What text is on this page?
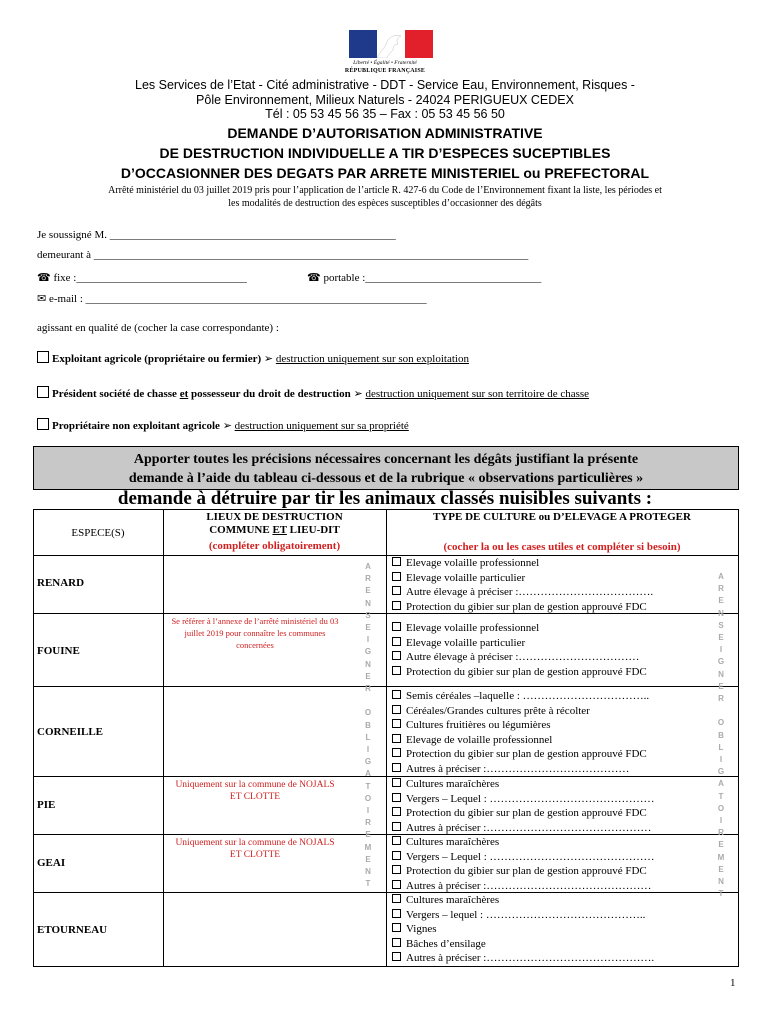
Liberté • Égalité • Fraternité
RÉPUBLIQUE FRANÇAISE
Les Services de l’Etat - Cité administrative - DDT - Service Eau, Environnement, Risques -
Pôle Environnement, Milieux Naturels - 24024 PERIGUEUX CEDEX
Tél : 05 53 45 56 35 – Fax : 05 53 45 56 50
DEMANDE D’AUTORISATION ADMINISTRATIVE
DE DESTRUCTION INDIVIDUELLE A TIR D’ESPECES SUCEPTIBLES
D’OCCASIONNER DES DEGATS PAR ARRETE MINISTERIEL ou PREFECTORAL
Arrêté ministériel du 03 juillet 2019 pris pour l’application de l’article R. 427-6 du Code de l’Environnement fixant la liste, les périodes et
les modalités de destruction des espèces susceptibles d’occasionner des dégâts
Je soussigné M. ____________________________________________________
demeurant à _______________________________________________________________________________
☎ fixe :_______________________________	☎ portable :________________________________
✉ e-mail : ______________________________________________________________
agissant en qualité de (cocher la case correspondante) :
Exploitant agricole (propriétaire ou fermier) ➢ destruction uniquement sur son exploitation
Président société de chasse et possesseur du droit de destruction ➢ destruction uniquement sur son territoire de chasse
Propriétaire non exploitant agricole ➢ destruction uniquement sur sa propriété
Apporter toutes les précisions nécessaires concernant les dégâts justifiant la présente
demande à l’aide du tableau ci-dessous et de la rubrique « observations particulières »
demande à détruire par tir les animaux classés nuisibles suivants :
ESPECE(S)
LIEUX DE DESTRUCTION
COMMUNE ET LIEU-DIT
(compléter obligatoirement)
TYPE DE CULTURE ou D’ELEVAGE A PROTEGER
(cocher la ou les cases utiles et compléter si besoin)
RENARD
FOUINE
CORNEILLE
PIE
GEAI
ETOURNEAU
Se référer à l’annexe de l’arrêté ministériel du 03 juillet 2019 pour connaître les communes concernées
Uniquement sur la commune de NOJALS ET CLOTTE
Uniquement sur la commune de NOJALS ET CLOTTE
A
R
E
N
S
E
I
G
N
E
R

O
B
L
I
G
A
T
O
I
R
E
M
E
N
T
A
R
E
N
S
E
I
G
N
E
R

O
B
L
I
G
A
T
O
I
R
E
M
E
N
T
Elevage volaille professionnel
Elevage volaille particulier
Autre élevage à préciser :……………………………….
Protection du gibier sur plan de gestion approuvé FDC
Elevage volaille professionnel
Elevage volaille particulier
Autre élevage à préciser :……………………………
Protection du gibier sur plan de gestion approuvé FDC
Semis céréales –laquelle : ……………………………..
Céréales/Grandes cultures prête à récolter
Cultures fruitières ou légumières
Elevage de volaille professionnel
Protection du gibier sur plan de gestion approuvé FDC
Autres à préciser :…………………………………
Cultures maraîchères
Vergers – Lequel : ………………………………………
Protection du gibier sur plan de gestion approuvé FDC
Autres à préciser :………………………………………
Cultures maraîchères
Vergers – Lequel : ………………………………………
Protection du gibier sur plan de gestion approuvé FDC
Autres à préciser :………………………………………
Cultures maraîchères
Vergers – lequel : ……………………………………..
Vignes
Bâches d’ensilage
Autres à préciser :……………………………………….
1
